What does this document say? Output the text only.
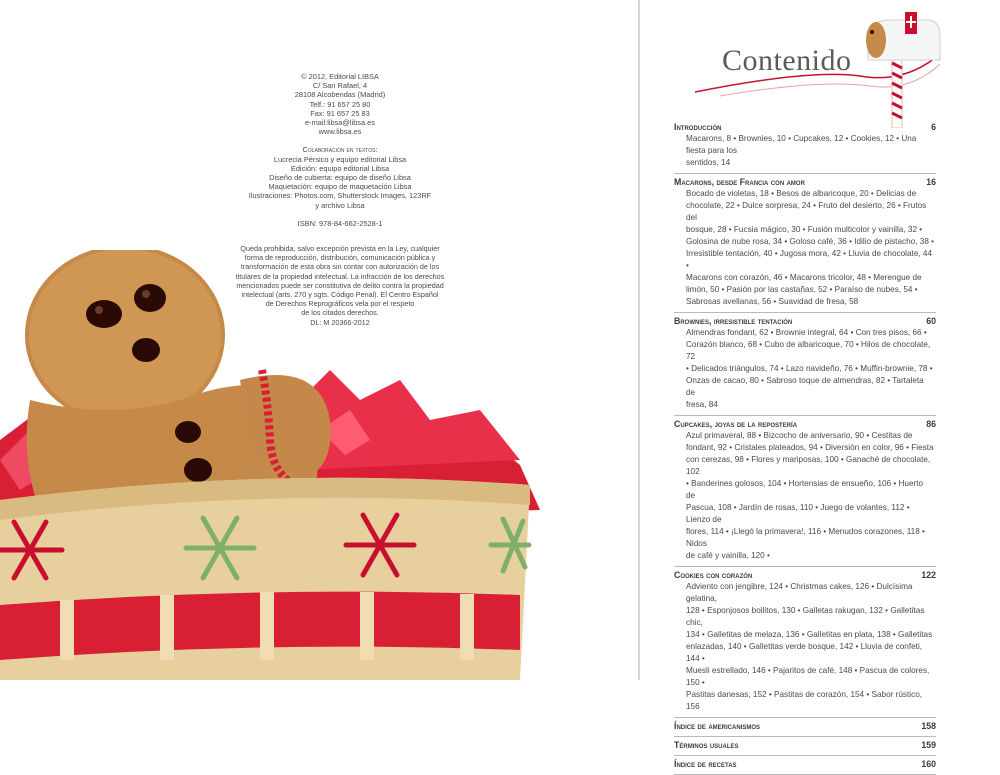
© 2012, Editorial LIBSA
C/ San Rafael, 4
28108 Alcobendas (Madrid)
Telf.: 91 657 25 80
Fax: 91 657 25 83
e-mail:libsa@libsa.es
www.libsa.es
Colaboración en textos:
Lucrecia Pérsico y equipo editorial Libsa
Edición: equipo editorial Libsa
Diseño de cubierta: equipo de diseño Libsa
Maquetación: equipo de maquetación Libsa
Ilustraciones: Photos.com, Shutterstock Images, 123RF
y archivo Libsa
ISBN: 978-84-662-2528-1
Queda prohibida, salvo excepción prevista en la Ley, cualquier
forma de reproducción, distribución, comunicación pública y
transformación de esta obra sin contar con autorización de los
titulares de la propiedad intelectual. La infracción de los derechos
mencionados puede ser constitutiva de delito contra la propiedad
intelectual (arts. 270 y sgts. Código Penal). El Centro Español
de Derechos Reprográficos vela por el respeto
de los citados derechos.
DL: M 20366-2012
Contenido
Introducción	6
Macarons, 8 • Brownies, 10 • Cupcakes, 12 • Cookies, 12 • Una fiesta para los
sentidos, 14
Macarons, desde Francia con amor	16
Bocado de violetas, 18 • Besos de albaricoque, 20 • Delicias de
chocolate, 22 • Dulce sorpresa, 24 • Fruto del desierto, 26 • Frutos del
bosque, 28 • Fucsia mágico, 30 • Fusión multicolor y vainilla, 32 •
Golosina de nube rosa, 34 • Goloso café, 36 • Idilio de pistacho, 38 •
Irresistible tentación, 40 • Jugosa mora, 42 • Lluvia de chocolate, 44 •
Macarons con corazón, 46 • Macarons tricolor, 48 • Merengue de
limón, 50 • Pasión por las castañas, 52 • Paraíso de nubes, 54 •
Sabrosas avellanas, 56 • Suavidad de fresa, 58
Brownies, irresistible tentación	60
Almendras fondant, 62 • Brownie integral, 64 • Con tres pisos, 66 •
Corazón blanco, 68 • Cubo de albaricoque, 70 • Hilos de chocolate, 72
• Delicados triángulos, 74 • Lazo navideño, 76 • Muffin-brownie, 78 •
Onzas de cacao, 80 • Sabroso toque de almendras, 82 • Tartaleta de
fresa, 84
Cupcakes, joyas de la repostería	86
Azul primaveral, 88 • Bizcocho de aniversario, 90 • Cestitas de
fondant, 92 • Cristales plateados, 94 • Diversión en color, 96 • Fiesta
con cerezas, 98 • Flores y mariposas, 100 • Ganaché de chocolate, 102
• Banderines golosos, 104 • Hortensias de ensueño, 106 • Huerto de
Pascua, 108 • Jardín de rosas, 110 • Juego de volantes, 112 • Lienzo de
flores, 114 • ¡Llegó la primavera!, 116 • Menudos corazones, 118 • Nidos
de café y vainilla, 120 •
Cookies con corazón	122
Adviento con jengibre, 124 • Christmas cakes, 126 • Dulcísima gelatina,
128 • Esponjosos bollitos, 130 • Galletas rakugan, 132 • Galletitas chic,
134 • Galletitas de melaza, 136 • Galletitas en plata, 138 • Galletitas
enlazadas, 140 • Galletitas verde bosque, 142 • Lluvia de confeti, 144 •
Muesli estrellado, 146 • Pajaritos de café, 148 • Pascua de colores, 150 •
Pastitas danesas, 152 • Pastitas de corazón, 154 • Sabor rústico, 156
Índice de americanismos	158
Términos usuales	159
Índice de recetas	160
